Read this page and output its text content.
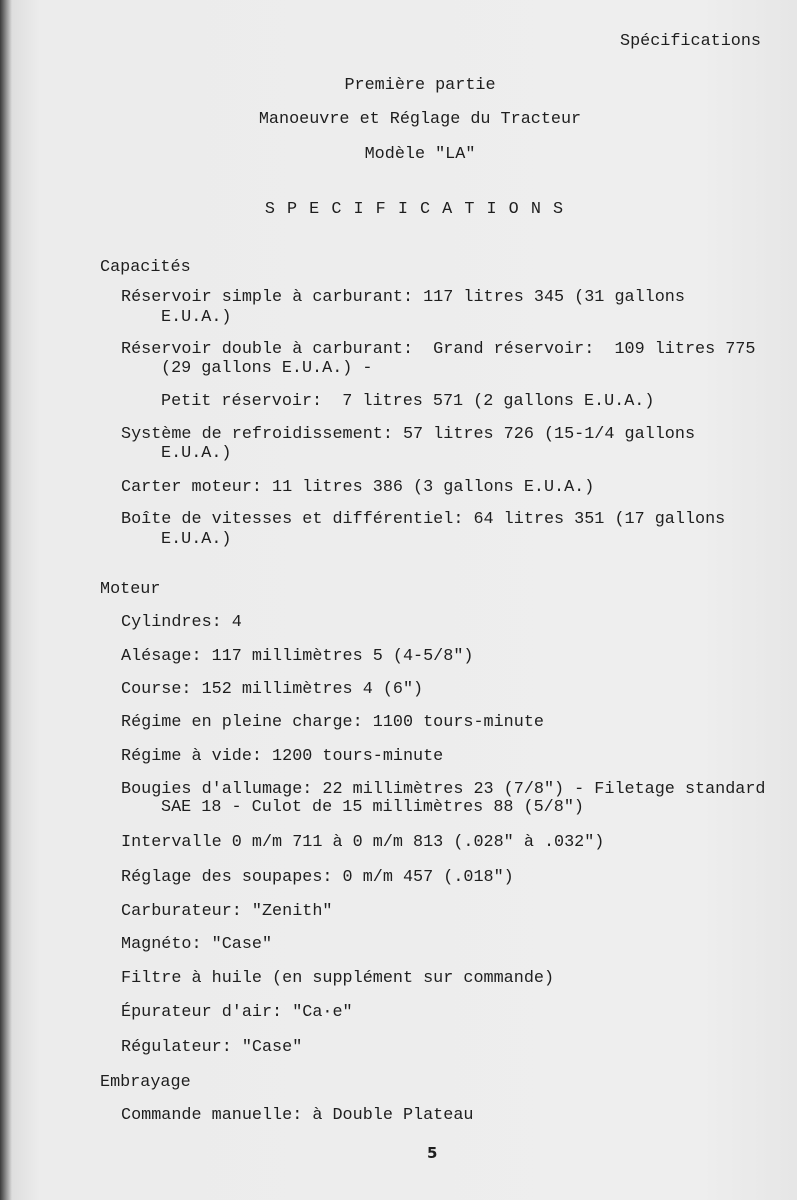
Spécifications
Première partie
Manoeuvre et Réglage du Tracteur
Modèle "LA"
SPECIFICATIONS
Capacités
Réservoir simple à carburant: 117 litres 345 (31 gallons
E.U.A.)
Réservoir double à carburant:  Grand réservoir:  109 litres 775
(29 gallons E.U.A.) -
Petit réservoir:  7 litres 571 (2 gallons E.U.A.)
Système de refroidissement: 57 litres 726 (15-1/4 gallons
E.U.A.)
Carter moteur: 11 litres 386 (3 gallons E.U.A.)
Boîte de vitesses et différentiel: 64 litres 351 (17 gallons
E.U.A.)
Moteur
Cylindres: 4
Alésage: 117 millimètres 5 (4-5/8")
Course: 152 millimètres 4 (6")
Régime en pleine charge: 1100 tours-minute
Régime à vide: 1200 tours-minute
Bougies d'allumage: 22 millimètres 23 (7/8") - Filetage standard
SAE 18 - Culot de 15 millimètres 88 (5/8")
Intervalle 0 m/m 711 à 0 m/m 813 (.028" à .032")
Réglage des soupapes: 0 m/m 457 (.018")
Carburateur: "Zenith"
Magnéto: "Case"
Filtre à huile (en supplément sur commande)
Épurateur d'air: "Ca·e"
Régulateur: "Case"
Embrayage
Commande manuelle: à Double Plateau
5
